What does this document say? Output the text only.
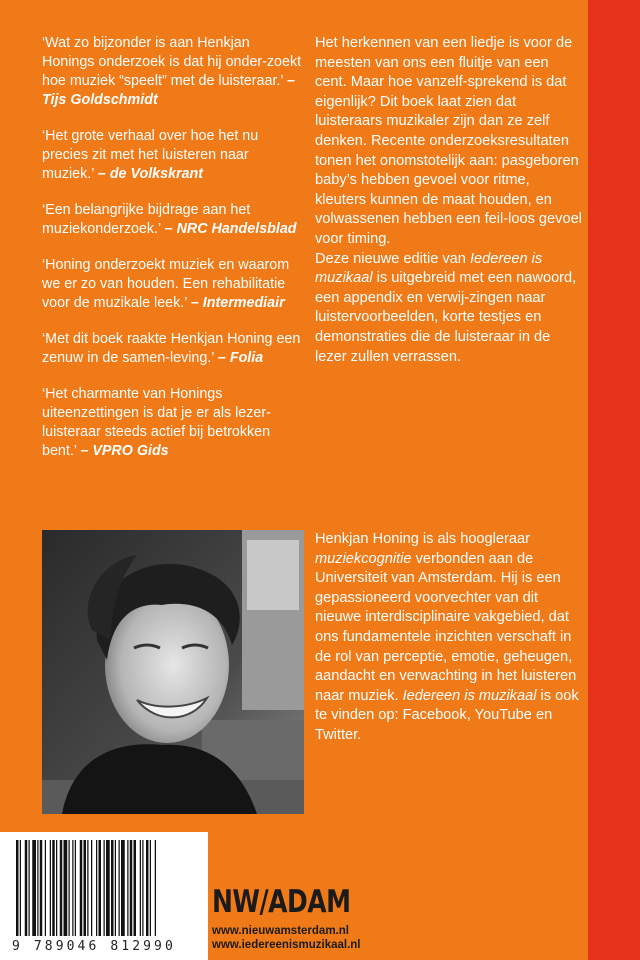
‘Wat zo bijzonder is aan Henkjan Honings onderzoek is dat hij onder-zoekt hoe muziek “speelt” met de luisteraar.’ – Tijs Goldschmidt

‘Het grote verhaal over hoe het nu precies zit met het luisteren naar muziek.’ – de Volkskrant

‘Een belangrijke bijdrage aan het muziekonderzoek.’ – NRC Handelsblad

‘Honing onderzoekt muziek en waarom we er zo van houden. Een rehabilitatie voor de muzikale leek.’ – Intermediair

‘Met dit boek raakte Henkjan Honing een zenuw in de samen-leving.’ – Folia

‘Het charmante van Honings uiteenzettingen is dat je er als lezer-luisteraar steeds actief bij betrokken bent.’ – VPRO Gids

Het herkennen van een liedje is voor de meesten van ons een fluitje van een cent. Maar hoe vanzelf-sprekend is dat eigenlijk? Dit boek laat zien dat luisteraars muzikaler zijn dan ze zelf denken. Recente onderzoeksresultaten tonen het onomstotelijk aan: pasgeboren baby’s hebben gevoel voor ritme, kleuters kunnen de maat houden, en volwassenen hebben een feil-loos gevoel voor timing.

Deze nieuwe editie van Iedereen is muzikaal is uitgebreid met een nawoord, een appendix en verwij-zingen naar luistervoorbeelden, korte testjes en demonstraties die de luisteraar in de lezer zullen verrassen.

Henkjan Honing is als hoogleraar muziekcognitie verbonden aan de Universiteit van Amsterdam. Hij is een gepassioneerd voorvechter van dit nieuwe interdisciplinaire vakgebied, dat ons fundamentele inzichten verschaft in de rol van perceptie, emotie, geheugen, aandacht en verwachting in het luisteren naar muziek. Iedereen is muzikaal is ook te vinden op: Facebook, YouTube en Twitter.

9 789046 812990
NW/ADAM
www.nieuwamsterdam.nl
www.iedereenismuzikaal.nl
